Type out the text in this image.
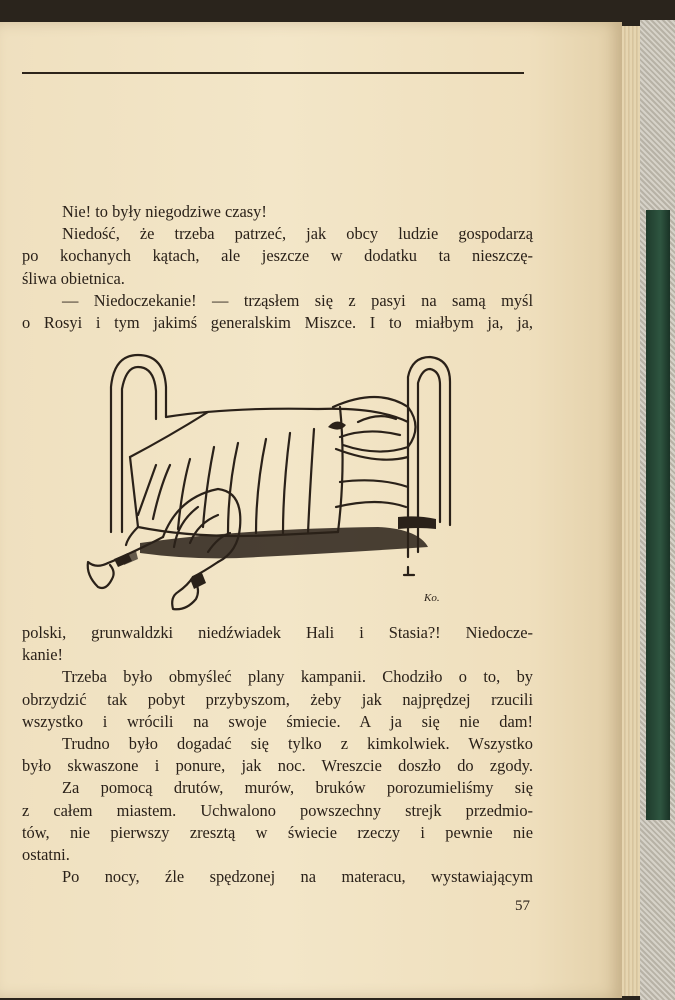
Nie! to były niegodziwe czasy!
Niedość, że trzeba patrzeć, jak obcy ludzie gospodarzą
po kochanych kątach, ale jeszcze w dodatku ta nieszczę-
śliwa obietnica.
— Niedoczekanie! — trząsłem się z pasyi na samą myśl
o Rosyi i tym jakimś generalskim Miszce. I to miałbym ja, ja,
Ko.
polski, grunwaldzki niedźwiadek Hali i Stasia?! Niedocze-
kanie!
Trzeba było obmyśleć plany kampanii. Chodziło o to, by
obrzydzić tak pobyt przybyszom, żeby jak najprędzej rzucili
wszystko i wrócili na swoje śmiecie. A ja się nie dam!
Trudno było dogadać się tylko z kimkolwiek. Wszystko
było skwaszone i ponure, jak noc. Wreszcie doszło do zgody.
Za pomocą drutów, murów, bruków porozumieliśmy się
z całem miastem. Uchwalono powszechny strejk przedmio-
tów, nie pierwszy zresztą w świecie rzeczy i pewnie nie
ostatni.
Po nocy, źle spędzonej na materacu, wystawiającym
57
